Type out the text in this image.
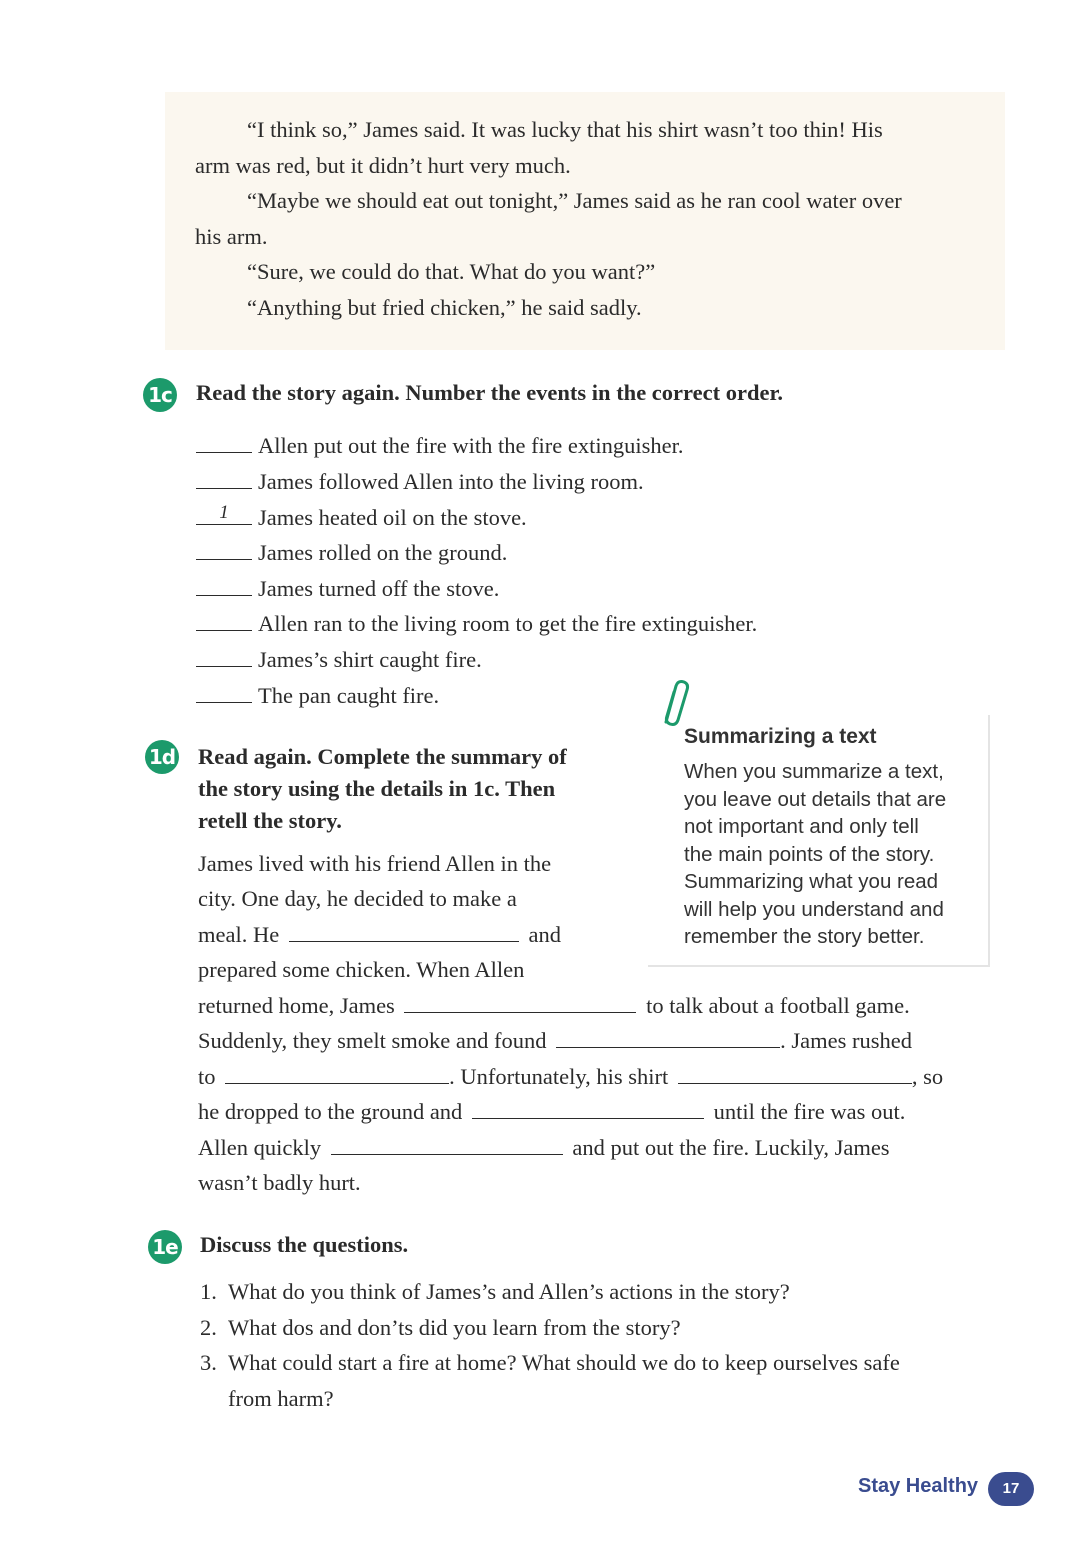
“I think so,” James said. It was lucky that his shirt wasn’t too thin! His

arm was red, but it didn’t hurt very much.

“Maybe we should eat out tonight,” James said as he ran cool water over

his arm.

“Sure, we could do that. What do you want?”

“Anything but fried chicken,” he said sadly.

1c Read the story again. Number the events in the correct order.
Allen put out the fire with the fire extinguisher.
James followed Allen into the living room.
1	James heated oil on the stove.
James rolled on the ground.
James turned off the stove.
Allen ran to the living room to get the fire extinguisher.
James’s shirt caught fire.
The pan caught fire.
Summarizing a text
When you summarize a text,
you leave out details that are
not important and only tell
the main points of the story.
Summarizing what you read
will help you understand and
remember the story better.
1d Read again. Complete the summary of
the story using the details in 1c. Then
retell the story.
James lived with his friend Allen in the
city. One day, he decided to make a
meal. He	and
prepared some chicken. When Allen
returned home, James	to talk about a football game.
Suddenly, they smelt smoke and found	. James rushed
to	. Unfortunately, his shirt	, so
he dropped to the ground and	until the fire was out.
Allen quickly	and put out the fire. Luckily, James
wasn’t badly hurt.
1e Discuss the questions.
1. What do you think of James’s and Allen’s actions in the story?
2. What dos and don’ts did you learn from the story?
3. What could start a fire at home? What should we do to keep ourselves safe
from harm?
Stay Healthy	17
